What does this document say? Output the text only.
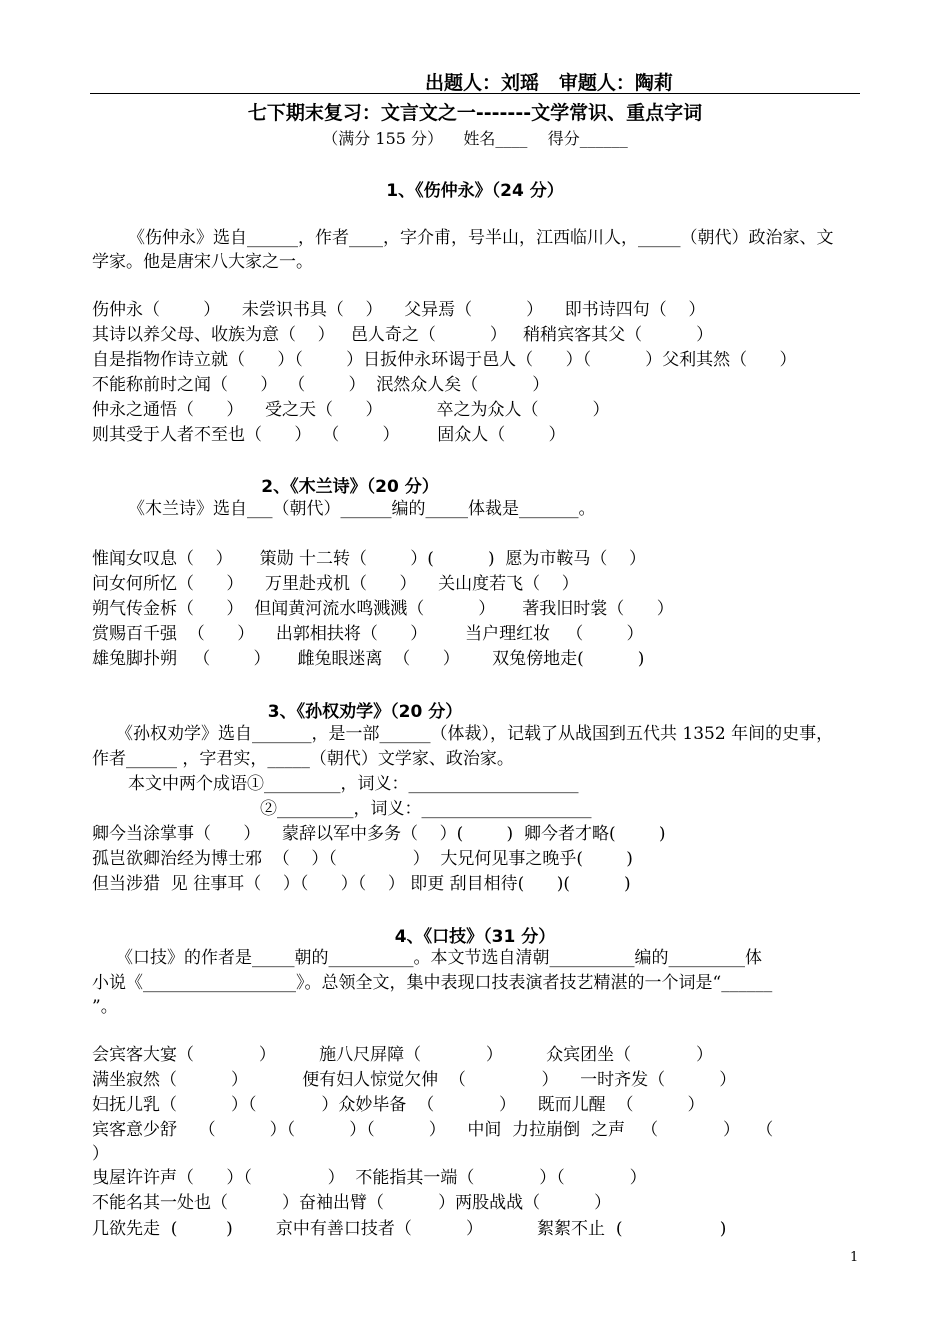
出题人：刘瑶   审题人：陶莉
七下期末复习：文言文之一-------文学常识、重点字词
（满分 155 分）    姓名____    得分______
1、《伤仲永》（24 分）
《伤仲永》选自______，作者____，字介甫，号半山，江西临川人，_____（朝代）政治家、文
学家。他是唐宋八大家之一。
伤仲永（        ）    未尝识书具（    ）    父异焉（          ）    即书诗四句（    ）
其诗以养父母、收族为意（    ）   邑人奇之（          ）   稍稍宾客其父（          ）
自是指物作诗立就（      ）（        ）日扳仲永环谒于邑人（      ）（          ）父利其然（      ）
不能称前时之闻（      ）  （        ）  泯然众人矣（          ）
仲永之通悟（      ）    受之天（      ）          卒之为众人（          ）
则其受于人者不至也（      ）  （        ）       固众人（        ）
2、《木兰诗》（20 分）
《木兰诗》选自___（朝代）______编的_____体裁是_______。
惟闻女叹息（    ）     策勋 十二转（        ）(          )  愿为市鞍马（    ）
问女何所忆（      ）    万里赴戎机（      ）    关山度若飞（    ）
朔气传金柝（      ）  但闻黄河流水鸣溅溅（          ）     著我旧时裳（      ）
赏赐百千强  （      ）    出郭相扶将（      ）       当户理红妆   （        ）
雄兔脚扑朔   （        ）     雌兔眼迷离  （      ）      双兔傍地走(          )
3、《孙权劝学》（20 分）
《孙权劝学》选自_______，是一部______（体裁），记载了从战国到五代共 1352 年间的史事，
作者______ ，字君实，_____（朝代）文学家、政治家。
本文中两个成语①_________，词义：____________________
②_________，词义：____________________
卿今当涂掌事（      ）    蒙辞以军中多务（    ）(        )  卿今者才略(        )
孤岂欲卿治经为博士邪  （    ）（              ）  大兄何见事之晚乎(        )
但当涉猎  见 往事耳（    ）（      ）（    ） 即更 刮目相待(      )(          )
4、《口技》（31 分）
《口技》的作者是_____朝的__________。本文节选自清朝__________编的_________体
小说《__________________》。总领全文，集中表现口技表演者技艺精湛的一个词是“______
”。
会宾客大宴（            ）        施八尺屏障（            ）        众宾团坐（            ）
满坐寂然（          ）          便有妇人惊觉欠伸  （              ）    一时齐发（          ）
妇抚儿乳（          ）（            ）众妙毕备  （            ）    既而儿醒  （          ）
宾客意少舒    （          ）（          ）（          ）    中间  力拉崩倒  之声   （            ）   （
）
曳屋许许声（      ）（              ）  不能指其一端（            ）（            ）
不能名其一处也（          ）奋袖出臂（          ）两股战战（          ）
几欲先走  (         )        京中有善口技者（          ）          絮絮不止  (                  )
1
